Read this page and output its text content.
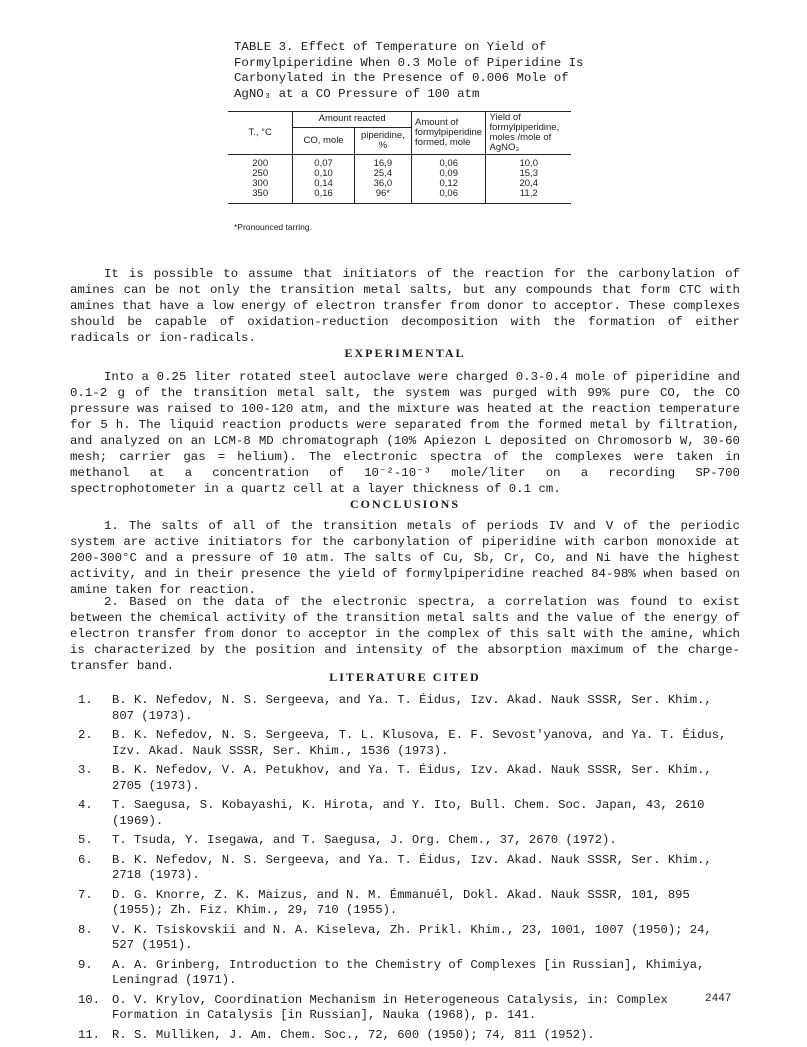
TABLE 3. Effect of Temperature on Yield of Formylpiperidine When 0.3 Mole of Piperidine Is Carbonylated in the Presence of 0.006 Mole of AgNO₃ at a CO Pressure of 100 atm
T., °C	Amount reacted		Amount of formylpiperidine formed, mole	Yield of formylpiperidine, moles /mole of AgNO₃
	CO, mole	piperidine, %		
200	0,07	16,9	0,06	10,0
250	0,10	25,4	0,09	15,3
300	0,14	36,0	0,12	20,4
350	0,16	96*	0,06	11,2
*Pronounced tarring.

It is possible to assume that initiators of the reaction for the carbonylation of amines can be not only the transition metal salts, but any compounds that form CTC with amines that have a low energy of electron transfer from donor to acceptor. These complexes should be capable of oxidation-reduction decomposition with the formation of either radicals or ion-radicals.

EXPERIMENTAL

Into a 0.25 liter rotated steel autoclave were charged 0.3-0.4 mole of piperidine and 0.1-2 g of the transition metal salt, the system was purged with 99% pure CO, the CO pressure was raised to 100-120 atm, and the mixture was heated at the reaction temperature for 5 h. The liquid reaction products were separated from the formed metal by filtration, and analyzed on an LCM-8 MD chromatograph (10% Apiezon L deposited on Chromosorb W, 30-60 mesh; carrier gas = helium). The electronic spectra of the complexes were taken in methanol at a concentration of 10⁻²-10⁻³ mole/liter on a recording SP-700 spectrophotometer in a quartz cell at a layer thickness of 0.1 cm.

CONCLUSIONS

1. The salts of all of the transition metals of periods IV and V of the periodic system are active initiators for the carbonylation of piperidine with carbon monoxide at 200-300°C and a pressure of 10 atm. The salts of Cu, Sb, Cr, Co, and Ni have the highest activity, and in their presence the yield of formylpiperidine reached 84-98% when based on amine taken for reaction.

2. Based on the data of the electronic spectra, a correlation was found to exist between the chemical activity of the transition metal salts and the value of the energy of electron transfer from donor to acceptor in the complex of this salt with the amine, which is characterized by the position and intensity of the absorption maximum of the charge-transfer band.

LITERATURE CITED
1.	B. K. Nefedov, N. S. Sergeeva, and Ya. T. Éidus, Izv. Akad. Nauk SSSR, Ser. Khim., 807 (1973).
2.	B. K. Nefedov, N. S. Sergeeva, T. L. Klusova, E. F. Sevost'yanova, and Ya. T. Éidus, Izv. Akad. Nauk SSSR, Ser. Khim., 1536 (1973).
3.	B. K. Nefedov, V. A. Petukhov, and Ya. T. Éidus, Izv. Akad. Nauk SSSR, Ser. Khim., 2705 (1973).
4.	T. Saegusa, S. Kobayashi, K. Hirota, and Y. Ito, Bull. Chem. Soc. Japan, 43, 2610 (1969).
5.	T. Tsuda, Y. Isegawa, and T. Saegusa, J. Org. Chem., 37, 2670 (1972).
6.	B. K. Nefedov, N. S. Sergeeva, and Ya. T. Éidus, Izv. Akad. Nauk SSSR, Ser. Khim., 2718 (1973).
7.	D. G. Knorre, Z. K. Maizus, and N. M. Émmanuél, Dokl. Akad. Nauk SSSR, 101, 895 (1955); Zh. Fiz. Khim., 29, 710 (1955).
8.	V. K. Tsiskovskii and N. A. Kiseleva, Zh. Prikl. Khim., 23, 1001, 1007 (1950); 24, 527 (1951).
9.	A. A. Grinberg, Introduction to the Chemistry of Complexes [in Russian], Khimiya, Leningrad (1971).
10. O. V. Krylov, Coordination Mechanism in Heterogeneous Catalysis, in: Complex Formation in Catalysis [in Russian], Nauka (1968), p. 141.
11. R. S. Mulliken, J. Am. Chem. Soc., 72, 600 (1950); 74, 811 (1952).
2447
